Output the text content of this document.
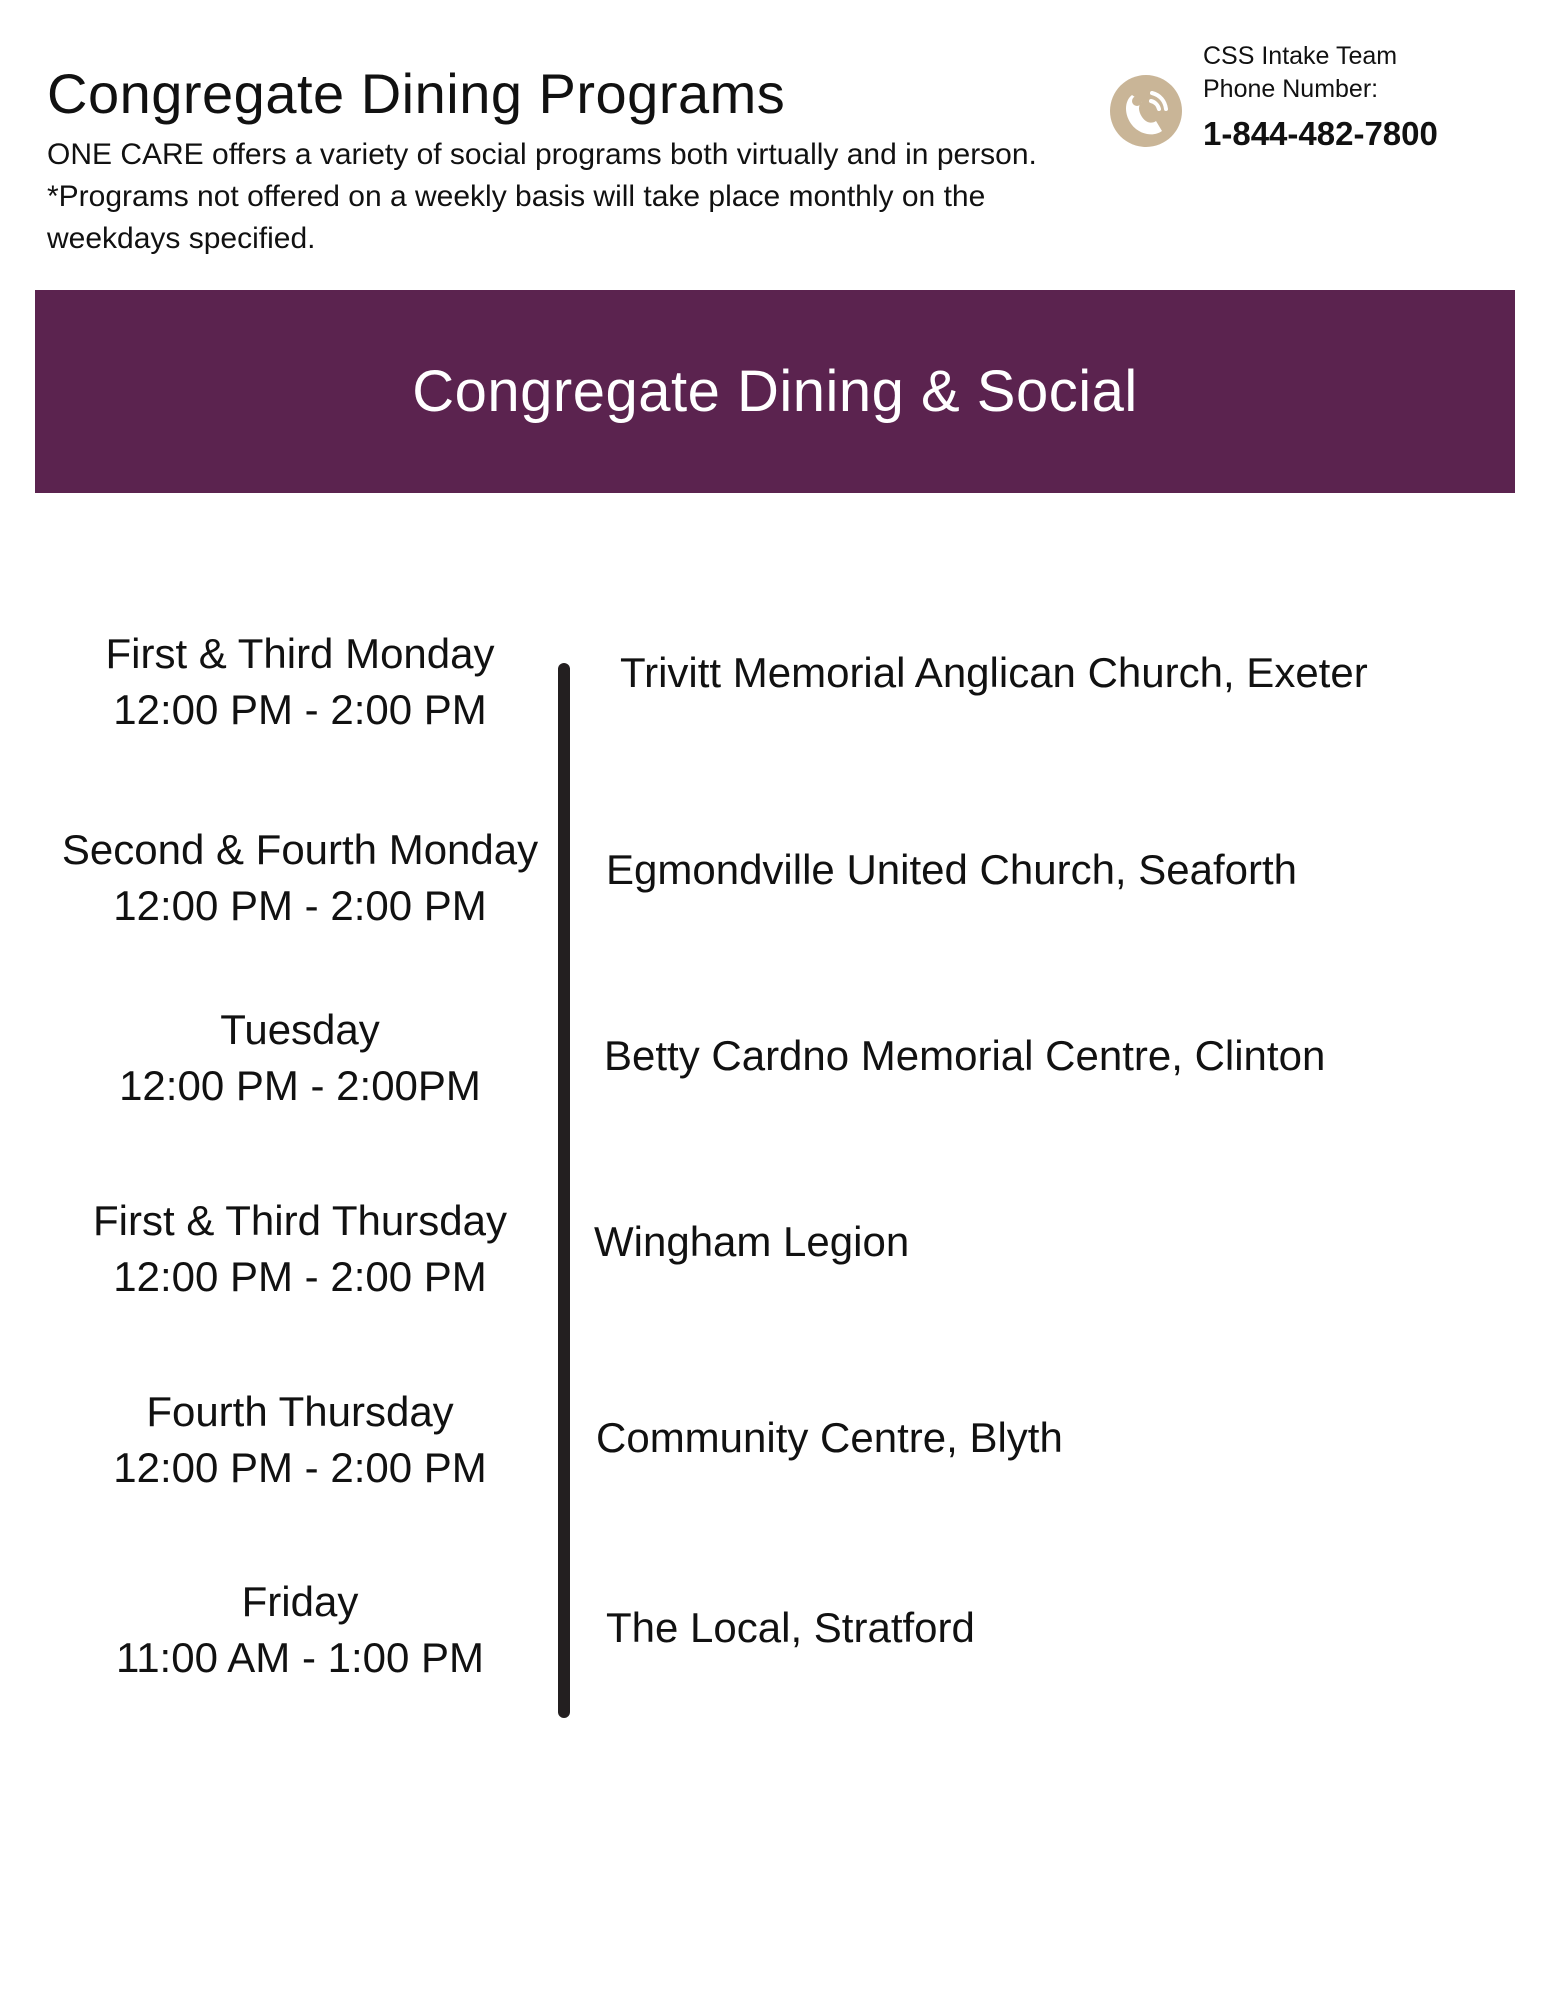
Congregate Dining Programs

ONE CARE offers a variety of social programs both virtually and in person. *Programs not offered on a weekly basis will take place monthly on the weekdays specified.

CSS Intake Team
Phone Number:
1-844-482-7800
Congregate Dining & Social
First & Third Monday
12:00 PM - 2:00 PM
Trivitt Memorial Anglican Church, Exeter
Second & Fourth Monday
12:00 PM - 2:00 PM
Egmondville United Church, Seaforth
Tuesday
12:00 PM - 2:00PM
Betty Cardno Memorial Centre, Clinton
First & Third Thursday
12:00 PM - 2:00 PM
Wingham Legion
Fourth Thursday
12:00 PM - 2:00 PM
Community Centre, Blyth
Friday
11:00 AM - 1:00 PM
The Local, Stratford
